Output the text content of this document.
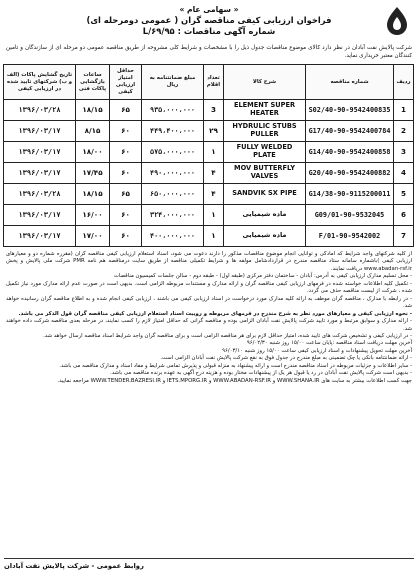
« سهامی عام »
فراخوان ارزیابی کیفی مناقصه گران ( عمومی دومرحله ای)
شماره آگهی مناقصات : ۹۵/L/۶۹
شرکت پالایش نفت آبادان در نظر دارد کالای موضوع مناقصات جدول ذیل را با مشخصات و شرایط کلی مشروحه از طریق مناقصه عمومی دو مرحله ای از سازندگان و تامین کنندگان معتبر خریداری نماید.
ردیف	شماره مناقصه	شرح کالا	تعداد اقلام	مبلغ ضمانتنامه به ریال	حداقل امتیاز ارزیابی کیفی	ساعات بازگشایی پاکات فنی	تاریخ گشایش پاکات (الف و ب) شرکتهای تایید شده در ارزیابی کیفی
1	40-90-9542400835/S02	ELEMENT SUPER HEATER	3	۹۳۵،۰۰۰،۰۰۰	۶۵	۱۸/۱۵	۱۳۹۶/۰۳/۲۸
2	40-90-9542400784/G17	HYDRULIC STUBS PULLER	۲۹	۴۴۹،۴۰۰،۰۰۰	۶۰	۸/۱۵	۱۳۹۶/۰۳/۱۷
3	40-90-9542400858/G14	FULLY WELDED PLATE	۱	۵۷۵،۰۰۰،۰۰۰	۶۰	۱۸/۰۰	۱۳۹۶/۰۳/۱۷
4	40-90-9542400882/G20	MOV BUTTERFLY VALVES	۴	۴۹۰،۰۰۰،۰۰۰	۶۰	۱۷/۴۵	۱۳۹۶/۰۳/۱۷
5	38-90-9115200011/G14	SANDVIK SX PIPE	۴	۶۵۰،۰۰۰،۰۰۰	۶۵	۱۸/۱۵	۱۳۹۶/۰۳/۲۸
6	01-90-9532045/G09	ماده شیمیایی	۱	۳۲۴،۰۰۰،۰۰۰	۶۰	۱۶/۰۰	۱۳۹۶/۰۳/۱۷
7	01-90-9542002/F	ماده شیمیایی	۱	۴۰۰،۰۰۰،۰۰۰	۶۰	۱۷/۰۰	۱۳۹۶/۰۳/۱۷

از کلیه شرکتهای واجد شرایط که آمادگی و توانایی انجام موضوع مناقصات مذکور را دارند دعوت می شود، اسناد استعلام ارزیابی کیفی مناقصه گران (مقرره شماره دو و معیارهای ارزیابی کیفی )باشماره سامانه ستاد مناقصه مندرج در قراردادشامل مولفه ها و شرایط تکمیلی مناقصه از طریق سایت درمناقصه هم نامه PMR شرکت ملی پالایش و پخش www.abadan-rsf.ir دریافت نمایند.

- محل تسلیم مدارک ارزیابی کیفی به آدرس: آبادان - ساختمان دفتر مرکزی (طبقه اول) - طبقه دوم - سالن جلسات کمیسیون مناقصات

- تکمیل کلیه اطلاعات خواسته شده در فرمهای ارزیابی کیفی مناقصه گران و ارائه مدارک و مستندات مربوطه الزامی است. بدیهی است در صورت عدم ارائه مدارک مورد نیاز تکمیل شده ، شرکت از لیست مناقصه حذف می گردد.

- در رابطه با مدارک ، مناقصه گران موظف به ارائه کلیه مدارک مورد درخواست در اسناد ارزیابی کیفی می باشند ، ارزیابی کیفی انجام شده و به اطلاع مناقصه گران رسانیده خواهد شد.

- نحوه ارزیابی کیفی و معیارهای مورد نظر به شرح مندرج در فرمهای مربوطه و روییت اسناد استعلام ارزیابی کیفی مناقصه گران قول الذکر می باشد.

- ارائه مدارک و سوابق مرتبط و مورد تایید شرکت پالایش نفت آبادان الزامی بوده و مناقصه گرانی که حداقل امتیاز لازم را کسب نمایند، در مرحله بعدی مناقصه شرکت داده خواهند شد.

- در ارزیابی کیفی و تشخیص شرکت های تایید شده، امتیاز حداقل لازم برای هر مناقصه الزامی است و برای مناقصه گران واجد شرایط اسناد مناقصه ارسال خواهد شد.

آخرین مهلت دریافت اسناد مناقصه :پایان ساعت ۱۵/۰۰ روز شنبه ۹۶/۰۲/۳۰

آخرین مهلت تحویل پیشنهادات و اسناد ارزیابی کیفی ساعت ۱۵/۰۰ روز شنبه ۹۶/۰۳/۱۰

- ارائه ضمانتنامه بانکی یا چک تضمینی به مبلغ مندرج در جدول فوق به نفع شرکت پالایش نفت آبادان الزامی است.

- سایر اطلاعات و جزئیات مربوطه در اسناد مناقصه مندرج است و ارائه پیشنهاد به منزله قبولی و پذیرش تمامی شرایط و مفاد اسناد و مدارک مناقصه می باشد.

- بدیهی است شرکت پالایش نفت آبادان در رد یا قبول هر یک از پیشنهادات مختار بوده و هزینه درج آگهی به عهده برنده مناقصه می باشد.

جهت کسب اطلاعات بیشتر به سایت های WWW.SHANA.IR و WWW.ABADAN-RSF.IR و IETS.MPORG.IR و WWW.TENDER.BAZRESI.IR مراجعه نمایید.

روابط عمومی - شرکت پالایش نفت آبادان
